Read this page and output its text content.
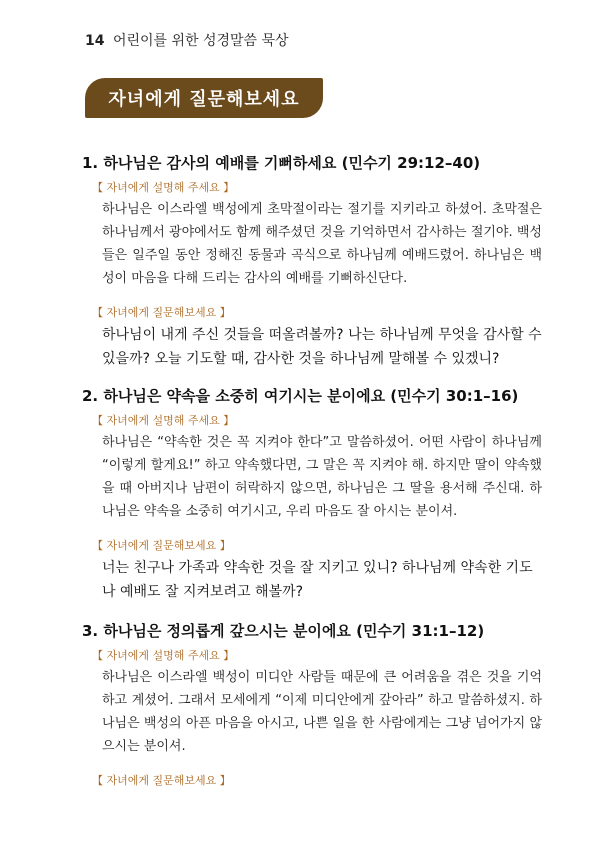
14 어린이를 위한 성경말씀 묵상
자녀에게 질문해보세요
1. 하나님은 감사의 예배를 기뻐하세요 (민수기 29:12–40)
【 자녀에게 설명해 주세요 】

하나님은 이스라엘 백성에게 초막절이라는 절기를 지키라고 하셨어. 초막절은 하나님께서 광야에서도 함께 해주셨던 것을 기억하면서 감사하는 절기야. 백성들은 일주일 동안 정해진 동물과 곡식으로 하나님께 예배드렸어. 하나님은 백성이 마음을 다해 드리는 감사의 예배를 기뻐하신단다.

【 자녀에게 질문해보세요 】

하나님이 내게 주신 것들을 떠올려볼까? 나는 하나님께 무엇을 감사할 수 있을까? 오늘 기도할 때, 감사한 것을 하나님께 말해볼 수 있겠니?

2. 하나님은 약속을 소중히 여기시는 분이에요 (민수기 30:1–16)
【 자녀에게 설명해 주세요 】

하나님은 “약속한 것은 꼭 지켜야 한다”고 말씀하셨어. 어떤 사람이 하나님께 “이렇게 할게요!” 하고 약속했다면, 그 말은 꼭 지켜야 해. 하지만 딸이 약속했을 때 아버지나 남편이 허락하지 않으면, 하나님은 그 딸을 용서해 주신대. 하나님은 약속을 소중히 여기시고, 우리 마음도 잘 아시는 분이셔.

【 자녀에게 질문해보세요 】

너는 친구나 가족과 약속한 것을 잘 지키고 있니? 하나님께 약속한 기도나 예배도 잘 지켜보려고 해볼까?

3. 하나님은 정의롭게 갚으시는 분이에요 (민수기 31:1–12)
【 자녀에게 설명해 주세요 】

하나님은 이스라엘 백성이 미디안 사람들 때문에 큰 어려움을 겪은 것을 기억하고 계셨어. 그래서 모세에게 “이제 미디안에게 갚아라” 하고 말씀하셨지. 하나님은 백성의 아픈 마음을 아시고, 나쁜 일을 한 사람에게는 그냥 넘어가지 않으시는 분이셔.

【 자녀에게 질문해보세요 】
